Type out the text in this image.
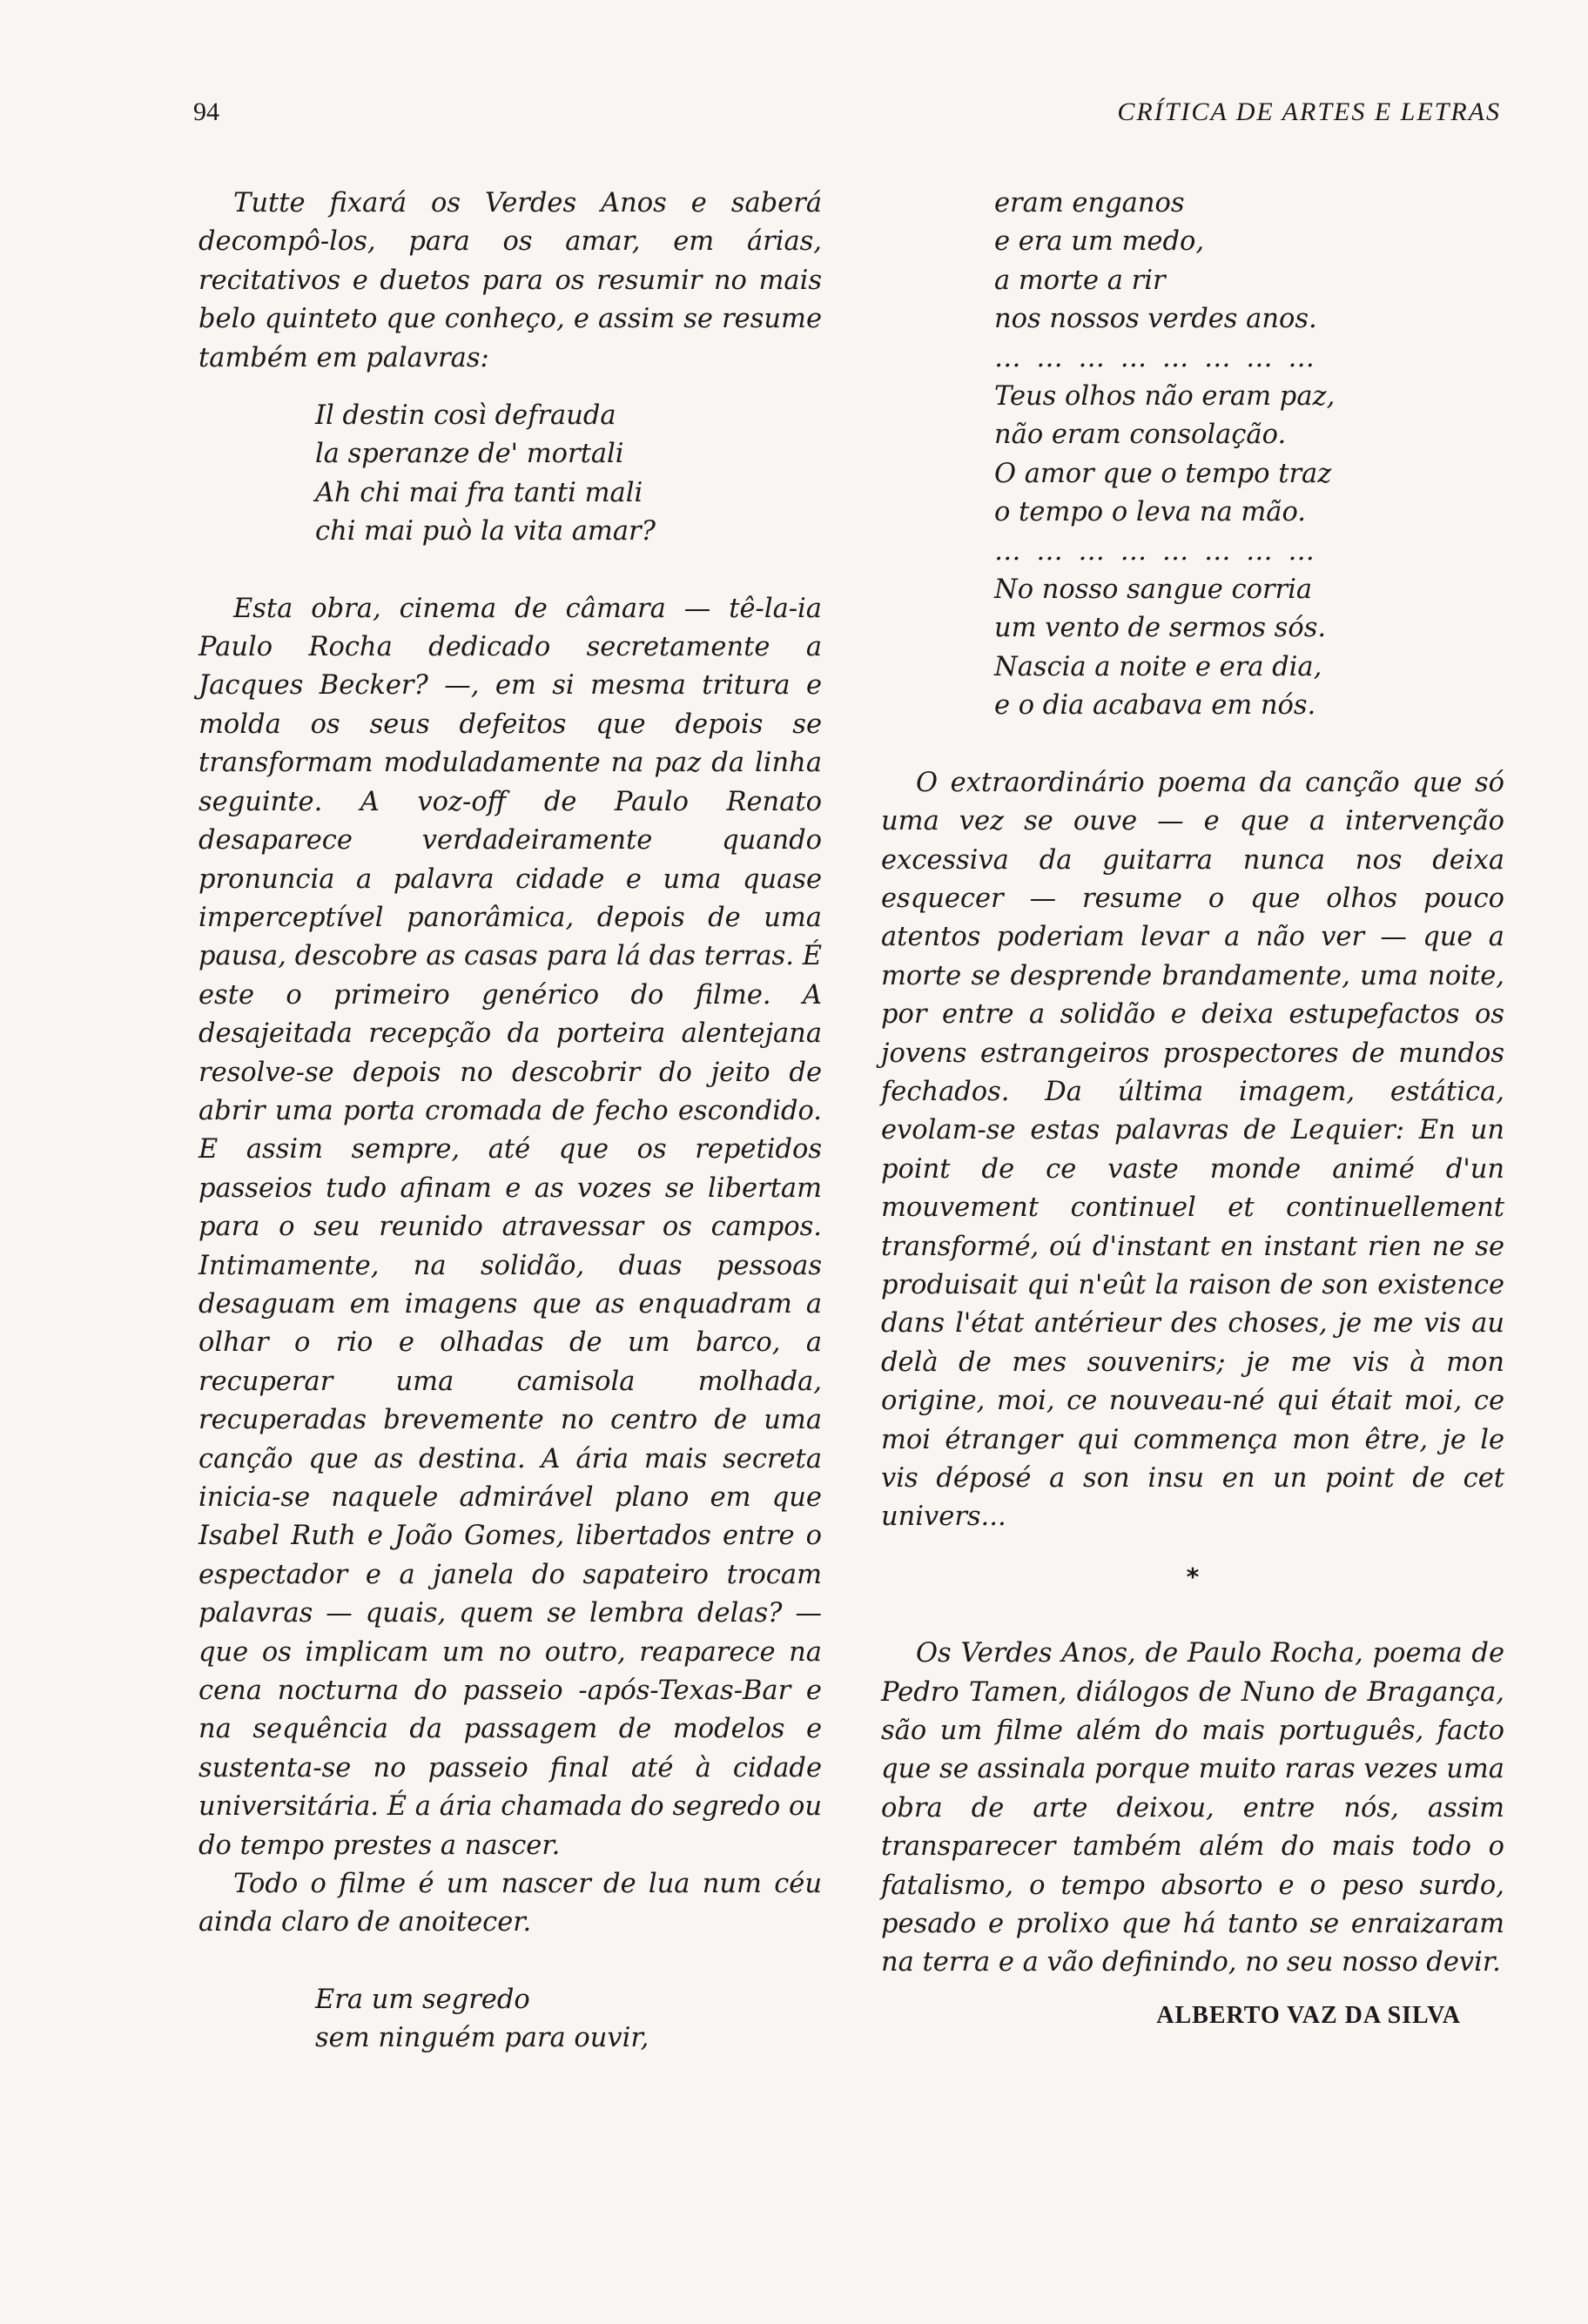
94	CRÍTICA DE ARTES E LETRAS

Tutte fixará os Verdes Anos e saberá decompô-los, para os amar, em árias, recitativos e duetos para os resumir no mais belo quinteto que conheço, e assim se resume também em palavras:

Il destin così defrauda
la speranze de' mortali
Ah chi mai fra tanti mali
chi mai può la vita amar?

Esta obra, cinema de câmara — tê-la-ia Paulo Rocha dedicado secretamente a Jacques Becker? —, em si mesma tritura e molda os seus defeitos que depois se transformam moduladamente na paz da linha seguinte. A voz-off de Paulo Renato desaparece verdadeiramente quando pronuncia a palavra cidade e uma quase imperceptível panorâmica, depois de uma pausa, descobre as casas para lá das terras. É este o primeiro genérico do filme. A desajeitada recepção da porteira alentejana resolve-se depois no descobrir do jeito de abrir uma porta cromada de fecho escondido. E assim sempre, até que os repetidos passeios tudo afinam e as vozes se libertam para o seu reunido atravessar os campos. Intimamente, na solidão, duas pessoas desaguam em imagens que as enquadram a olhar o rio e olhadas de um barco, a recuperar uma camisola molhada, recuperadas brevemente no centro de uma canção que as destina. A ária mais secreta inicia-se naquele admirável plano em que Isabel Ruth e João Gomes, libertados entre o espectador e a janela do sapateiro trocam palavras — quais, quem se lembra delas? — que os implicam um no outro, reaparece na cena nocturna do passeio -após-Texas-Bar e na sequência da passagem de modelos e sustenta-se no passeio final até à cidade universitária. É a ária chamada do segredo ou do tempo prestes a nascer.

Todo o filme é um nascer de lua num céu ainda claro de anoitecer.

Era um segredo
sem ninguém para ouvir,
eram enganos
e era um medo,
a morte a rir
nos nossos verdes anos.
… … … … … … … …
Teus olhos não eram paz,
não eram consolação.
O amor que o tempo traz
o tempo o leva na mão.
… … … … … … … …
No nosso sangue corria
um vento de sermos sós.
Nascia a noite e era dia,
e o dia acabava em nós.

O extraordinário poema da canção que só uma vez se ouve — e que a intervenção excessiva da guitarra nunca nos deixa esquecer — resume o que olhos pouco atentos poderiam levar a não ver — que a morte se desprende brandamente, uma noite, por entre a solidão e deixa estupefactos os jovens estrangeiros prospectores de mundos fechados. Da última imagem, estática, evolam-se estas palavras de Lequier: En un point de ce vaste monde animé d'un mouvement continuel et continuellement transformé, oú d'instant en instant rien ne se produisait qui n'eût la raison de son existence dans l'état antérieur des choses, je me vis au delà de mes souvenirs; je me vis à mon origine, moi, ce nouveau-né qui était moi, ce moi étranger qui commença mon être, je le vis déposé a son insu en un point de cet univers...

*

Os Verdes Anos, de Paulo Rocha, poema de Pedro Tamen, diálogos de Nuno de Bragança, são um filme além do mais português, facto que se assinala porque muito raras vezes uma obra de arte deixou, entre nós, assim transparecer também além do mais todo o fatalismo, o tempo absorto e o peso surdo, pesado e prolixo que há tanto se enraizaram na terra e a vão definindo, no seu nosso devir.

ALBERTO VAZ DA SILVA
